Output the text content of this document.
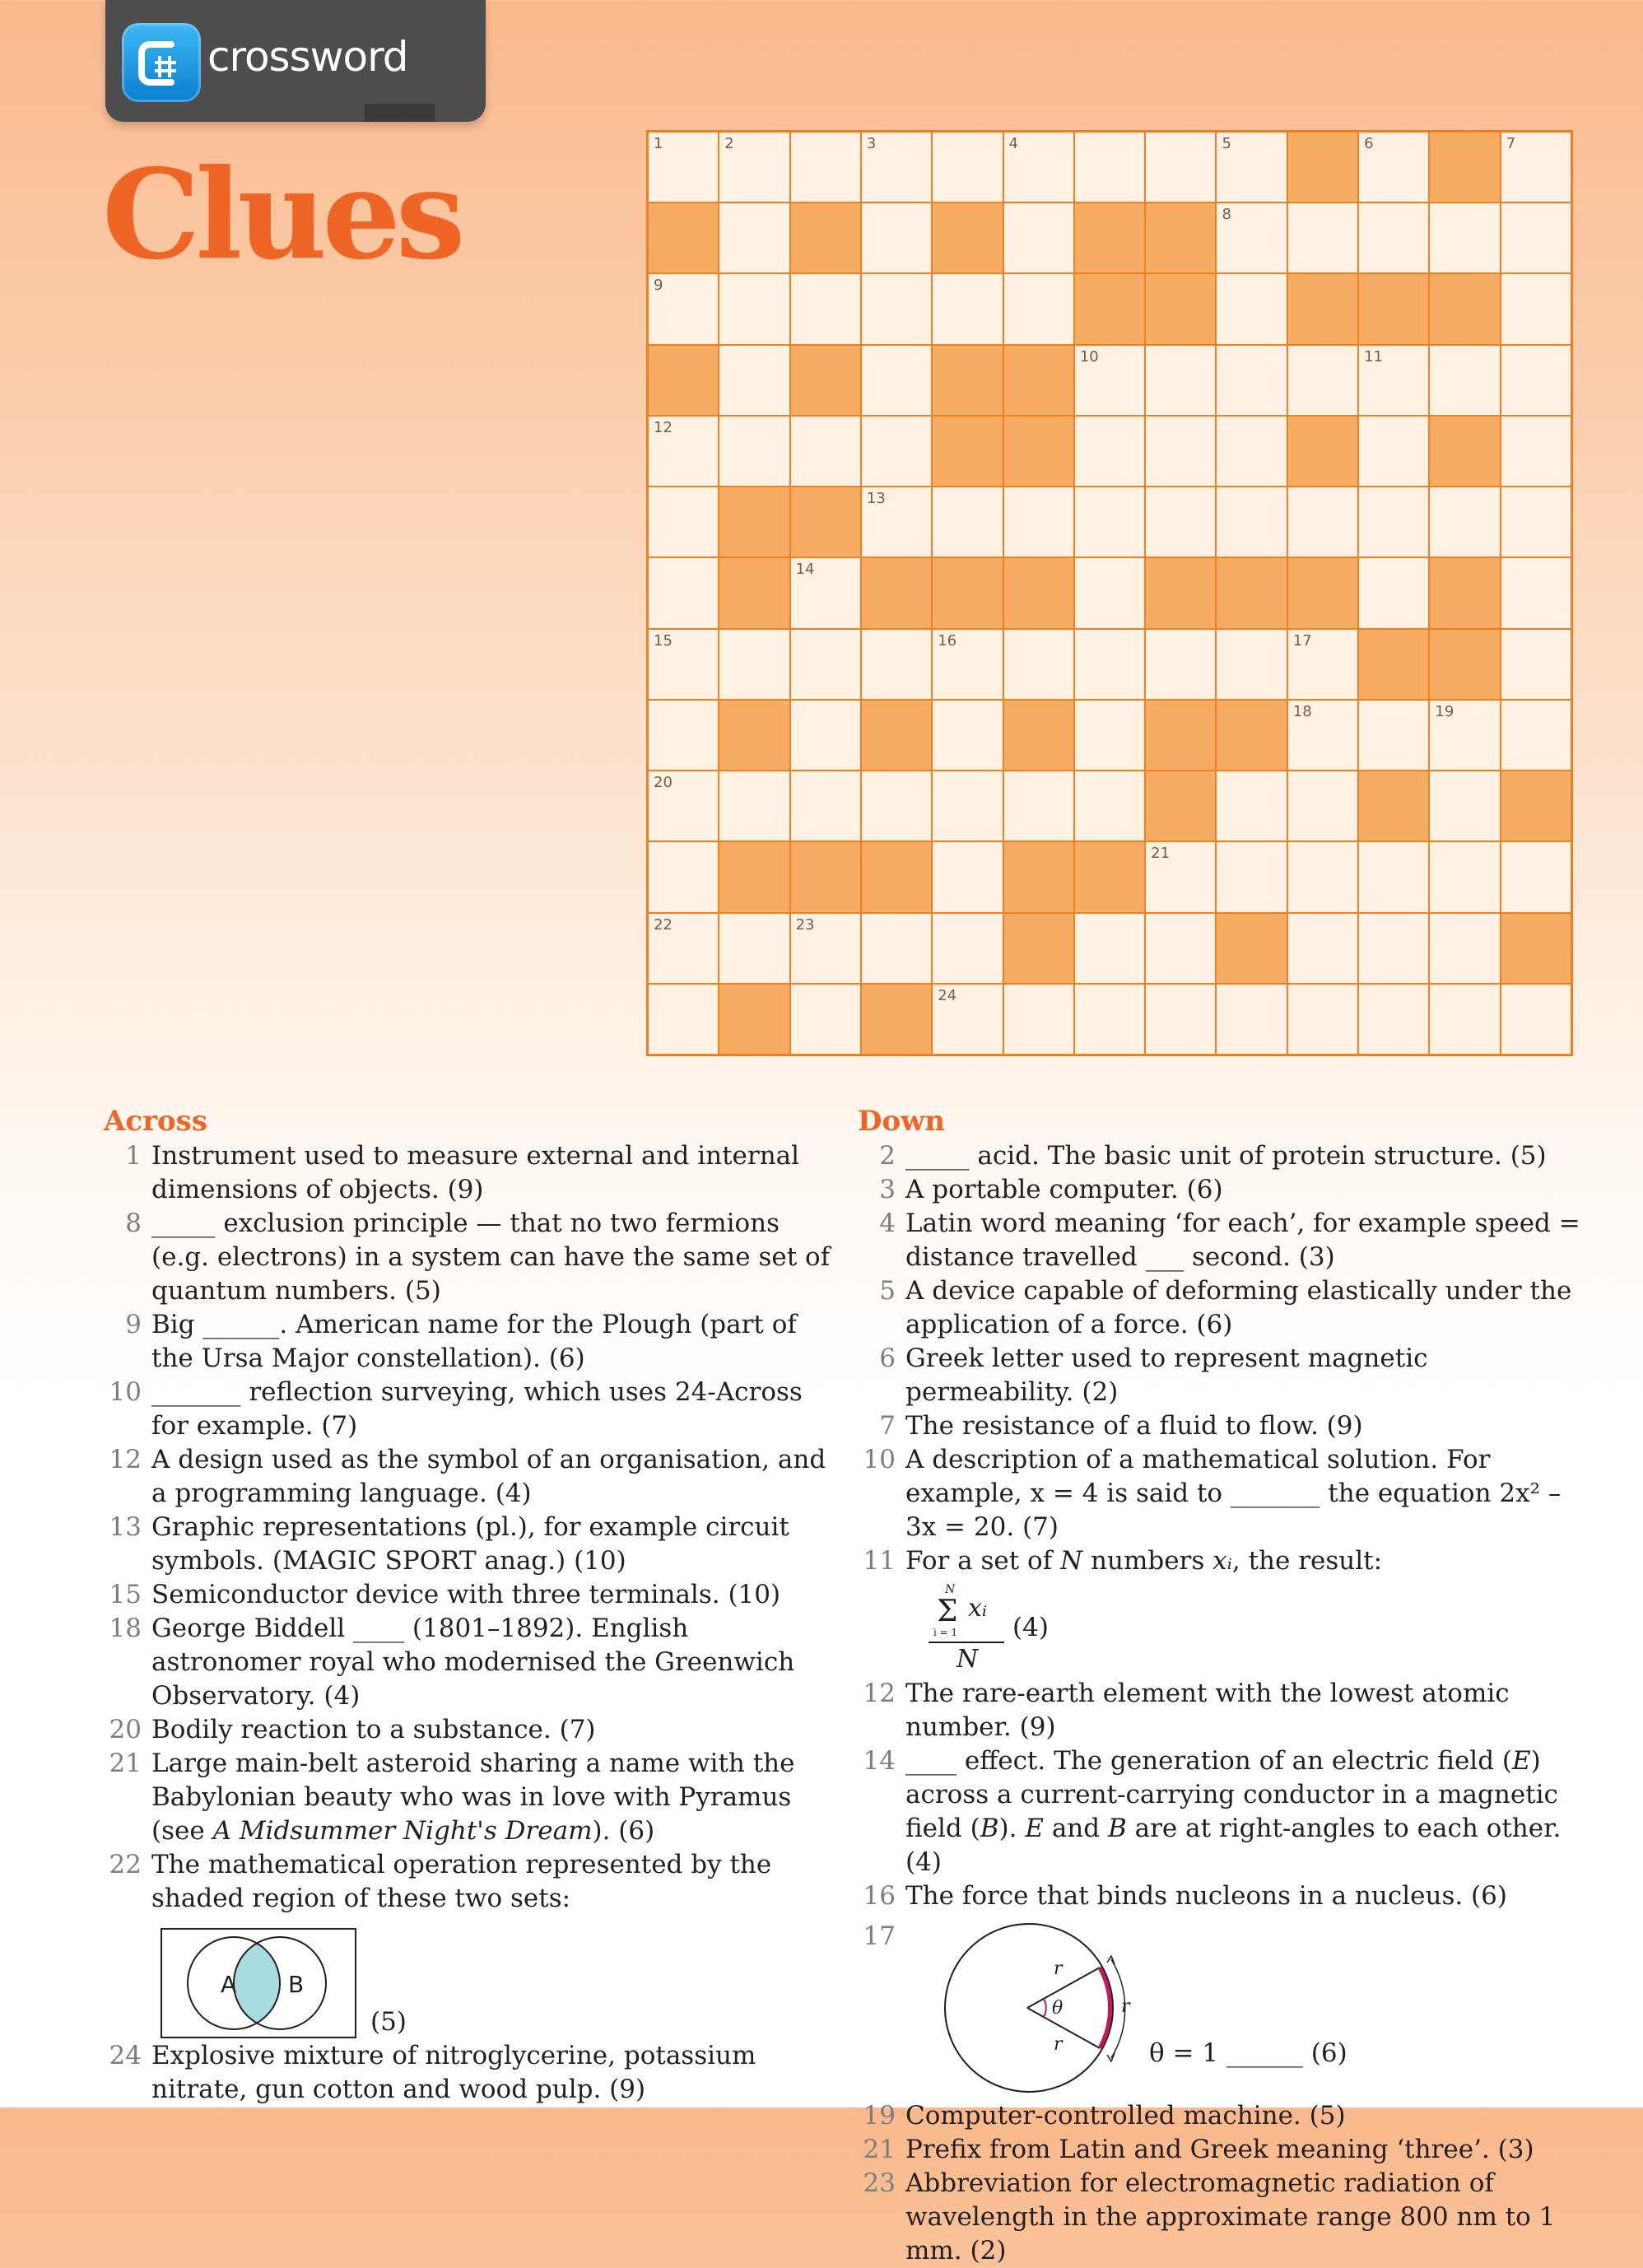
crossword
Clues	1	2	3	4	5	6	7
8
9
10	11
12
13
14
15	16	17
18	19
20
21
22	23
24
Across
1 Instrument used to measure external and internal dimensions of objects. (9)
8 _____ exclusion principle — that no two fermions (e.g. electrons) in a system can have the same set of quantum numbers. (5)
9 Big ______. American name for the Plough (part of the Ursa Major constellation). (6)
10 _______ reflection surveying, which uses 24-Across for example. (7)
12 A design used as the symbol of an organisation, and a programming language. (4)
13 Graphic representations (pl.), for example circuit symbols. (MAGIC SPORT anag.) (10)
15 Semiconductor device with three terminals. (10)
18 George Biddell ____ (1801–1892). English astronomer royal who modernised the Greenwich Observatory. (4)
20 Bodily reaction to a substance. (7)
21 Large main-belt asteroid sharing a name with the Babylonian beauty who was in love with Pyramus (see A Midsummer Night's Dream). (6)
22 The mathematical operation represented by the shaded region of these two sets:
A B
(5)
24 Explosive mixture of nitroglycerine, potassium nitrate, gun cotton and wood pulp. (9)
Down
2 _____ acid. The basic unit of protein structure. (5)
3 A portable computer. (6)
4 Latin word meaning ‘for each’, for example speed = distance travelled ___ second. (3)
5 A device capable of deforming elastically under the application of a force. (6)
6 Greek letter used to represent magnetic permeability. (2)
7 The resistance of a fluid to flow. (9)
10 A description of a mathematical solution. For example, x = 4 is said to _______ the equation 2x² – 3x = 20. (7)
11 For a set of N numbers xᵢ, the result:
N
Σ xᵢ
i = 1
N
(4)
12 The rare-earth element with the lowest atomic number. (9)
14 ____ effect. The generation of an electric field (E) across a current-carrying conductor in a magnetic field (B). E and B are at right-angles to each other. (4)
16 The force that binds nucleons in a nucleus. (6)
17
r
r
r
θ
θ = 1 ______ (6)
19 Computer-controlled machine. (5)
21 Prefix from Latin and Greek meaning ‘three’. (3)
23 Abbreviation for electromagnetic radiation of wavelength in the approximate range 800 nm to 1 mm. (2)
